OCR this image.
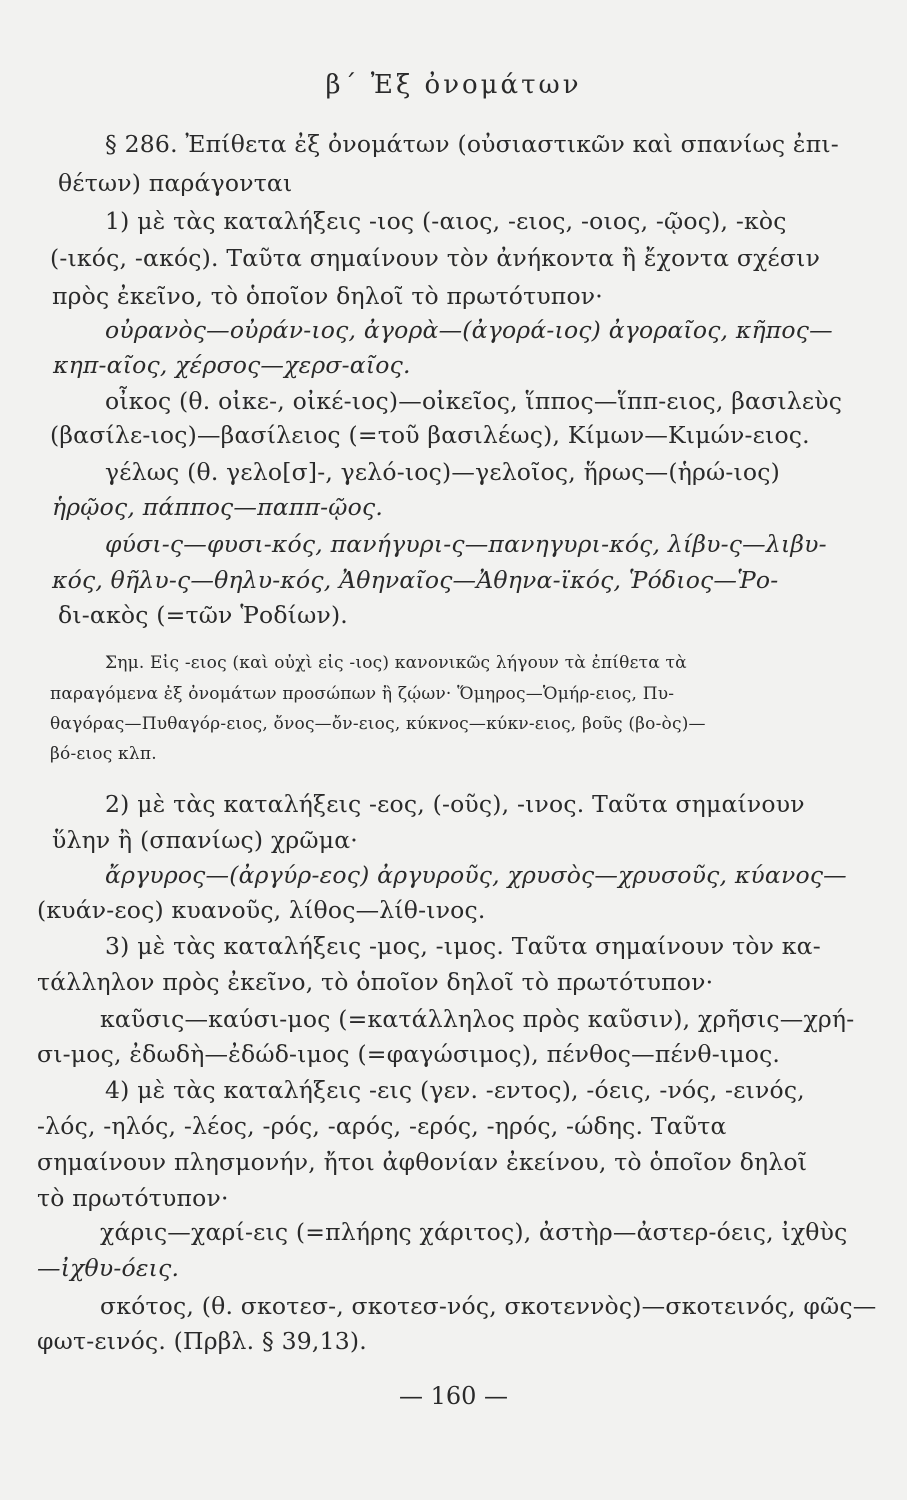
β΄ Ἐξ ὀνομάτων
§ 286. Ἐπίθετα ἐξ ὀνομάτων (οὐσιαστικῶν καὶ σπανίως ἐπι-
θέτων) παράγονται
1) μὲ τὰς καταλήξεις -ιος (-αιος, -ειος, -οιος, -ῷος), -κὸς
(-ικός, -ακός). Ταῦτα σημαίνουν τὸν ἀνήκοντα ἢ ἔχοντα σχέσιν
πρὸς ἐκεῖνο, τὸ ὁποῖον δηλοῖ τὸ πρωτότυπον·
οὐρανὸς—οὐράν-ιος, ἀγορὰ—(ἀγορά-ιος) ἀγοραῖος, κῆπος—
κηπ-αῖος, χέρσος—χερσ-αῖος.
οἶκος (θ. οἰκε-, οἰκέ-ιος)—οἰκεῖος, ἵππος—ἵππ-ειος, βασιλεὺς
(βασίλε-ιος)—βασίλειος (=τοῦ βασιλέως), Κίμων—Κιμών-ειος.
γέλως (θ. γελο[σ]-, γελό-ιος)—γελοῖος, ἥρως—(ἡρώ-ιος)
ἡρῷος, πάππος—παππ-ῷος.
φύσι-ς—φυσι-κός, πανήγυρι-ς—πανηγυρι-κός, λίβυ-ς—λιβυ-
κός, θῆλυ-ς—θηλυ-κός, Ἀθηναῖος—Ἀθηνα-ϊκός, Ῥόδιος—Ῥο-
δι-ακὸς (=τῶν Ῥοδίων).
Σημ. Εἰς -ειος (καὶ οὐχὶ εἰς -ιος) κανονικῶς λήγουν τὰ ἐπίθετα τὰ
παραγόμενα ἐξ ὀνομάτων προσώπων ἢ ζῴων· Ὅμηρος—Ὁμήρ-ειος, Πυ-
θαγόρας—Πυθαγόρ-ειος, ὄνος—ὄν-ειος, κύκνος—κύκν-ειος, βοῦς (βο-ὸς)—
βό-ειος κλπ.
2) μὲ τὰς καταλήξεις -εος, (-οῦς), -ινος. Ταῦτα σημαίνουν
ὕλην ἢ (σπανίως) χρῶμα·
ἄργυρος—(ἀργύρ-εος) ἀργυροῦς, χρυσὸς—χρυσοῦς, κύανος—
(κυάν-εος) κυανοῦς, λίθος—λίθ-ινος.
3) μὲ τὰς καταλήξεις -μος, -ιμος. Ταῦτα σημαίνουν τὸν κα-
τάλληλον πρὸς ἐκεῖνο, τὸ ὁποῖον δηλοῖ τὸ πρωτότυπον·
καῦσις—καύσι-μος (=κατάλληλος πρὸς καῦσιν), χρῆσις—χρή-
σι-μος, ἐδωδὴ—ἐδώδ-ιμος (=φαγώσιμος), πένθος—πένθ-ιμος.
4) μὲ τὰς καταλήξεις -εις (γεν. -εντος), -όεις, -νός, -εινός,
-λός, -ηλός, -λέος, -ρός, -αρός, -ερός, -ηρός, -ώδης. Ταῦτα
σημαίνουν πλησμονήν, ἤτοι ἀφθονίαν ἐκείνου, τὸ ὁποῖον δηλοῖ
τὸ πρωτότυπον·
χάρις—χαρί-εις (=πλήρης χάριτος), ἀστὴρ—ἀστερ-όεις, ἰχθὺς
—ἰχθυ-όεις.
σκότος, (θ. σκοτεσ-, σκοτεσ-νός, σκοτεννὸς)—σκοτεινός, φῶς—
φωτ-εινός. (Πρβλ. § 39,13).
— 160 —
